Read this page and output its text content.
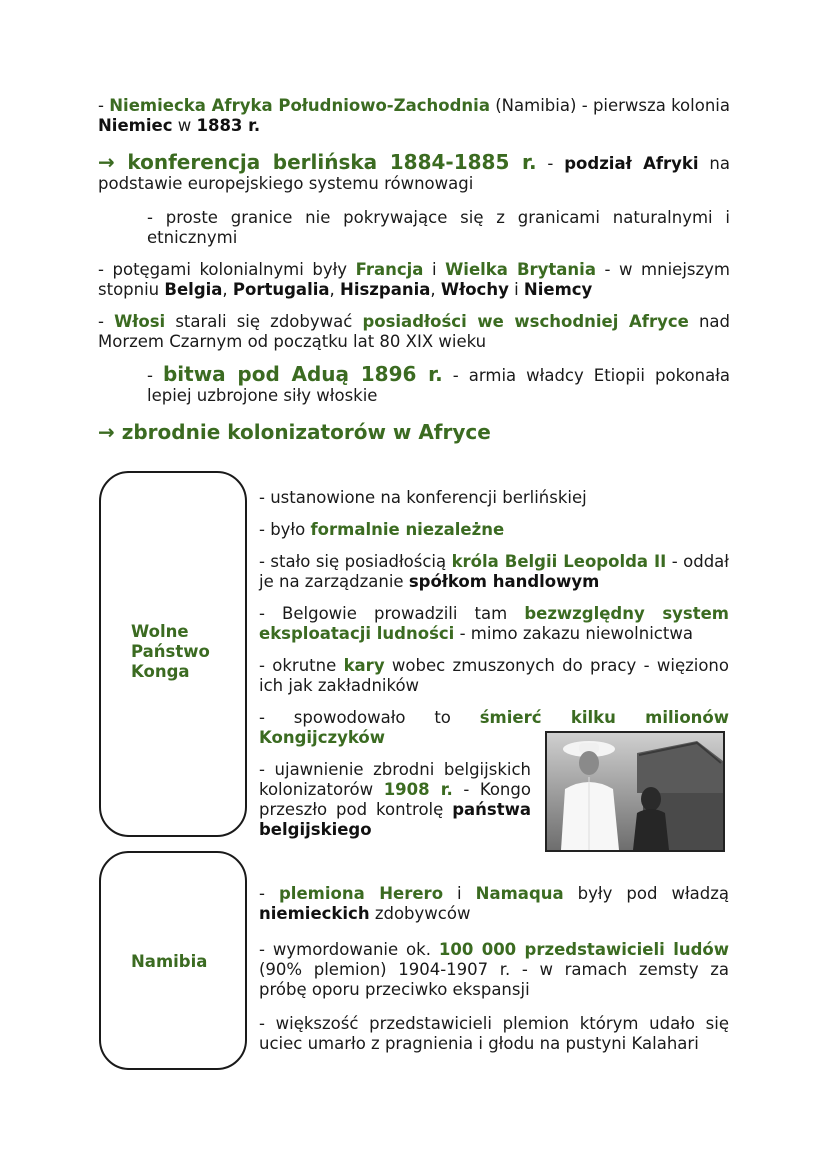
- Niemiecka Afryka Południowo-Zachodnia (Namibia) - pierwsza kolonia Niemiec w 1883 r.
→ konferencja berlińska 1884-1885 r. - podział Afryki na podstawie europejskiego systemu równowagi
- proste granice nie pokrywające się z granicami naturalnymi i etnicznymi
- potęgami kolonialnymi były Francja i Wielka Brytania - w mniejszym stopniu Belgia, Portugalia, Hiszpania, Włochy i Niemcy
- Włosi starali się zdobywać posiadłości we wschodniej Afryce nad Morzem Czarnym od początku lat 80 XIX wieku
- bitwa pod Aduą 1896 r. - armia władcy Etiopii pokonała lepiej uzbrojone siły włoskie
→ zbrodnie kolonizatorów w Afryce
Wolne
Państwo
Konga
- ustanowione na konferencji berlińskiej
- było formalnie niezależne
- stało się posiadłością króla Belgii Leopolda II - oddał je na zarządzanie spółkom handlowym
- Belgowie prowadzili tam bezwzględny system eksploatacji ludności - mimo zakazu niewolnictwa
- okrutne kary wobec zmuszonych do pracy - więziono ich jak zakładników
- spowodowało to śmierć kilku milionów Kongijczyków
- ujawnienie zbrodni belgijskich kolonizatorów 1908 r. - Kongo przeszło pod kontrolę państwa belgijskiego
Namibia
- plemiona Herero i Namaqua były pod władzą niemieckich zdobywców
- wymordowanie ok. 100 000 przedstawicieli ludów (90% plemion) 1904-1907 r. - w ramach zemsty za próbę oporu przeciwko ekspansji
- większość przedstawicieli plemion którym udało się uciec umarło z pragnienia i głodu na pustyni Kalahari
